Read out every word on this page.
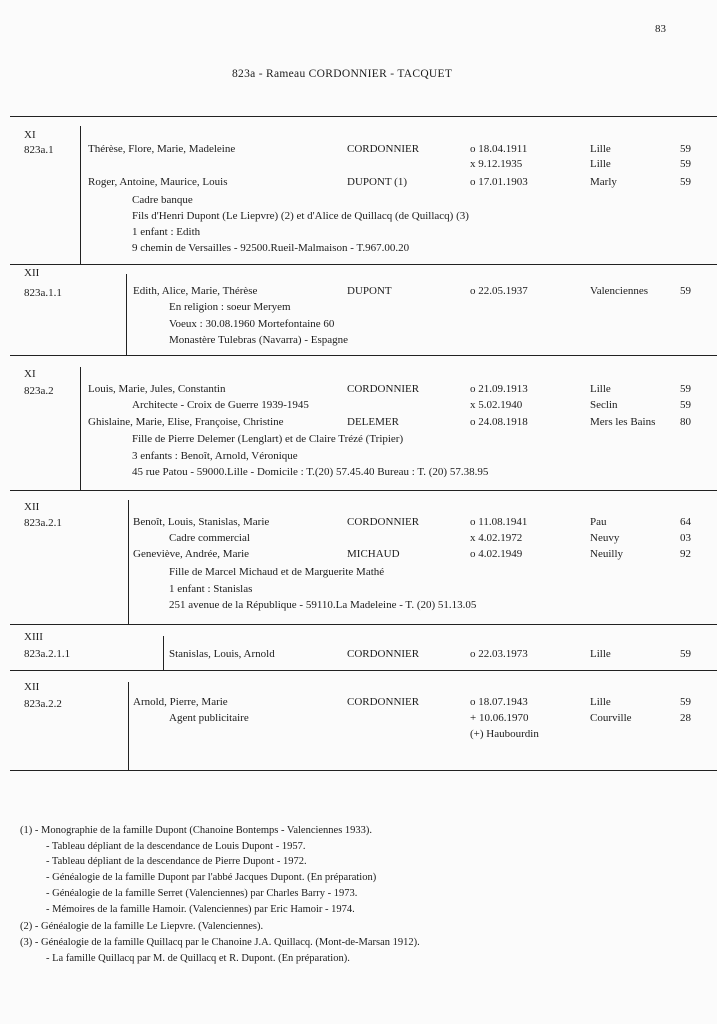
83
823a - Rameau CORDONNIER - TACQUET
XI
823a.1	Thérèse, Flore, Marie, Madeleine	CORDONNIER	o 18.04.1911	Lille	59
x 9.12.1935	Lille	59
Roger, Antoine, Maurice, Louis	DUPONT (1)	o 17.01.1903	Marly	59
Cadre banque
Fils d'Henri Dupont (Le Liepvre) (2) et d'Alice de Quillacq (de Quillacq) (3)
1 enfant : Edith
9 chemin de Versailles - 92500.Rueil-Malmaison - T.967.00.20
XII
823a.1.1	Edith, Alice, Marie, Thérèse	DUPONT	o 22.05.1937	Valenciennes	59
En religion : soeur Meryem
Voeux : 30.08.1960 Mortefontaine 60
Monastère Tulebras (Navarra) - Espagne
XI
823a.2	Louis, Marie, Jules, Constantin	CORDONNIER	o 21.09.1913	Lille	59
Architecte - Croix de Guerre 1939-1945	x 5.02.1940	Seclin	59
Ghislaine, Marie, Elise, Françoise, Christine	DELEMER	o 24.08.1918	Mers les Bains 80
Fille de Pierre Delemer (Lenglart) et de Claire Trézé (Tripier)
3 enfants : Benoît, Arnold, Véronique
45 rue Patou - 59000.Lille - Domicile : T.(20) 57.45.40 Bureau : T. (20) 57.38.95
XII
823a.2.1	Benoît, Louis, Stanislas, Marie	CORDONNIER	o 11.08.1941	Pau	64
Cadre commercial	x 4.02.1972	Neuvy	03
Geneviève, Andrée, Marie	MICHAUD	o 4.02.1949	Neuilly	92
Fille de Marcel Michaud et de Marguerite Mathé
1 enfant : Stanislas
251 avenue de la République - 59110.La Madeleine - T. (20) 51.13.05
XIII
823a.2.1.1	Stanislas, Louis, Arnold	CORDONNIER	o 22.03.1973	Lille	59
XII
823a.2.2	Arnold, Pierre, Marie	CORDONNIER	o 18.07.1943	Lille	59
Agent publicitaire	+ 10.06.1970	Courville	28
(+) Haubourdin
(1) - Monographie de la famille Dupont (Chanoine Bontemps - Valenciennes 1933).
- Tableau dépliant de la descendance de Louis Dupont - 1957.
- Tableau dépliant de la descendance de Pierre Dupont - 1972.
- Généalogie de la famille Dupont par l'abbé Jacques Dupont. (En préparation)
- Généalogie de la famille Serret (Valenciennes) par Charles Barry - 1973.
- Mémoires de la famille Hamoir. (Valenciennes) par Eric Hamoir - 1974.
(2) - Généalogie de la famille Le Liepvre. (Valenciennes).
(3) - Généalogie de la famille Quillacq par le Chanoine J.A. Quillacq. (Mont-de-Marsan 1912).
- La famille Quillacq par M. de Quillacq et R. Dupont. (En préparation).
